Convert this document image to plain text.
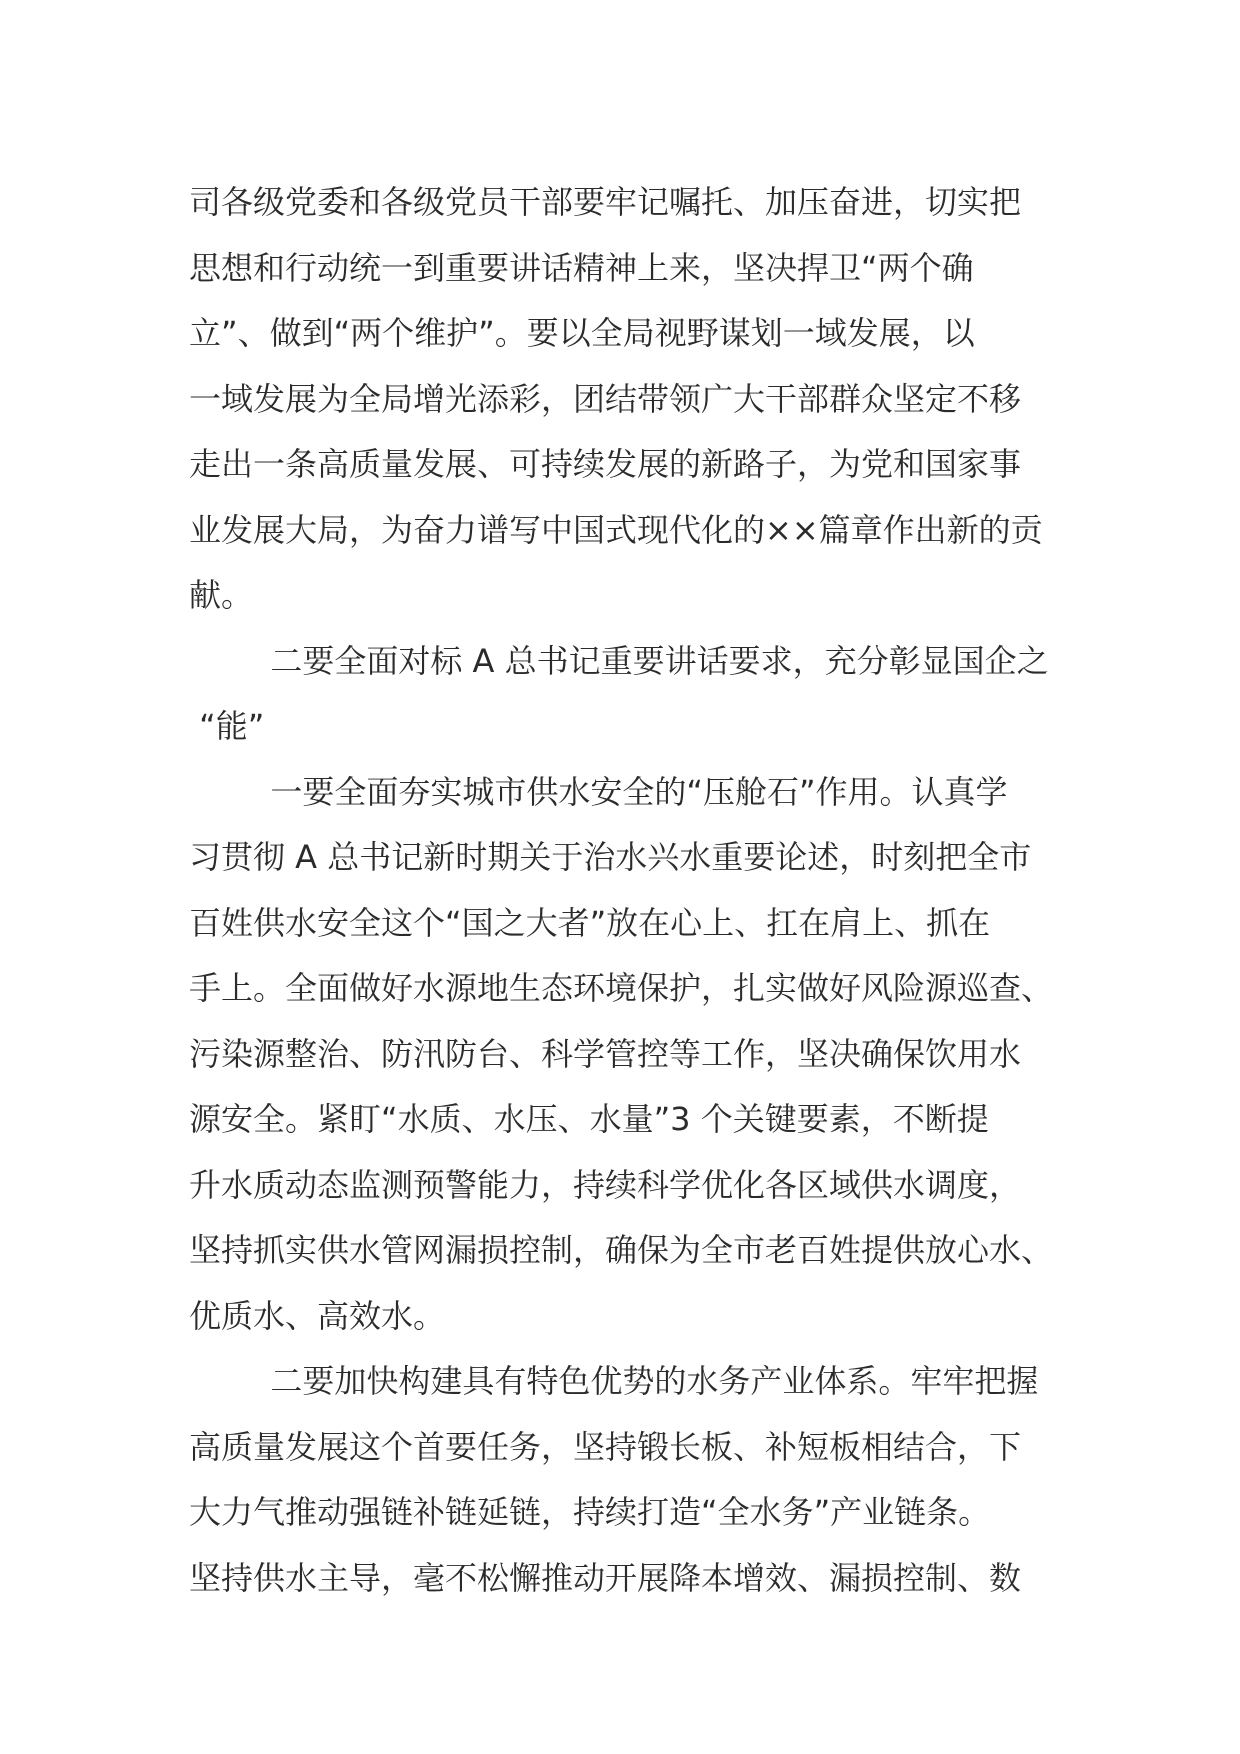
司各级党委和各级党员干部要牢记嘱托、加压奋进，切实把
思想和行动统一到重要讲话精神上来，坚决捍卫“两个确
立”、做到“两个维护”。要以全局视野谋划一域发展，以
一域发展为全局增光添彩，团结带领广大干部群众坚定不移
走出一条高质量发展、可持续发展的新路子，为党和国家事
业发展大局，为奋力谱写中国式现代化的××篇章作出新的贡
献。
二要全面对标 A 总书记重要讲话要求，充分彰显国企之
“能”
一要全面夯实城市供水安全的“压舱石”作用。认真学
习贯彻 A 总书记新时期关于治水兴水重要论述，时刻把全市
百姓供水安全这个“国之大者”放在心上、扛在肩上、抓在
手上。全面做好水源地生态环境保护，扎实做好风险源巡查、
污染源整治、防汛防台、科学管控等工作，坚决确保饮用水
源安全。紧盯“水质、水压、水量”3 个关键要素，不断提
升水质动态监测预警能力，持续科学优化各区域供水调度，
坚持抓实供水管网漏损控制，确保为全市老百姓提供放心水、
优质水、高效水。
二要加快构建具有特色优势的水务产业体系。牢牢把握
高质量发展这个首要任务，坚持锻长板、补短板相结合，下
大力气推动强链补链延链，持续打造“全水务”产业链条。
坚持供水主导，毫不松懈推动开展降本增效、漏损控制、数
